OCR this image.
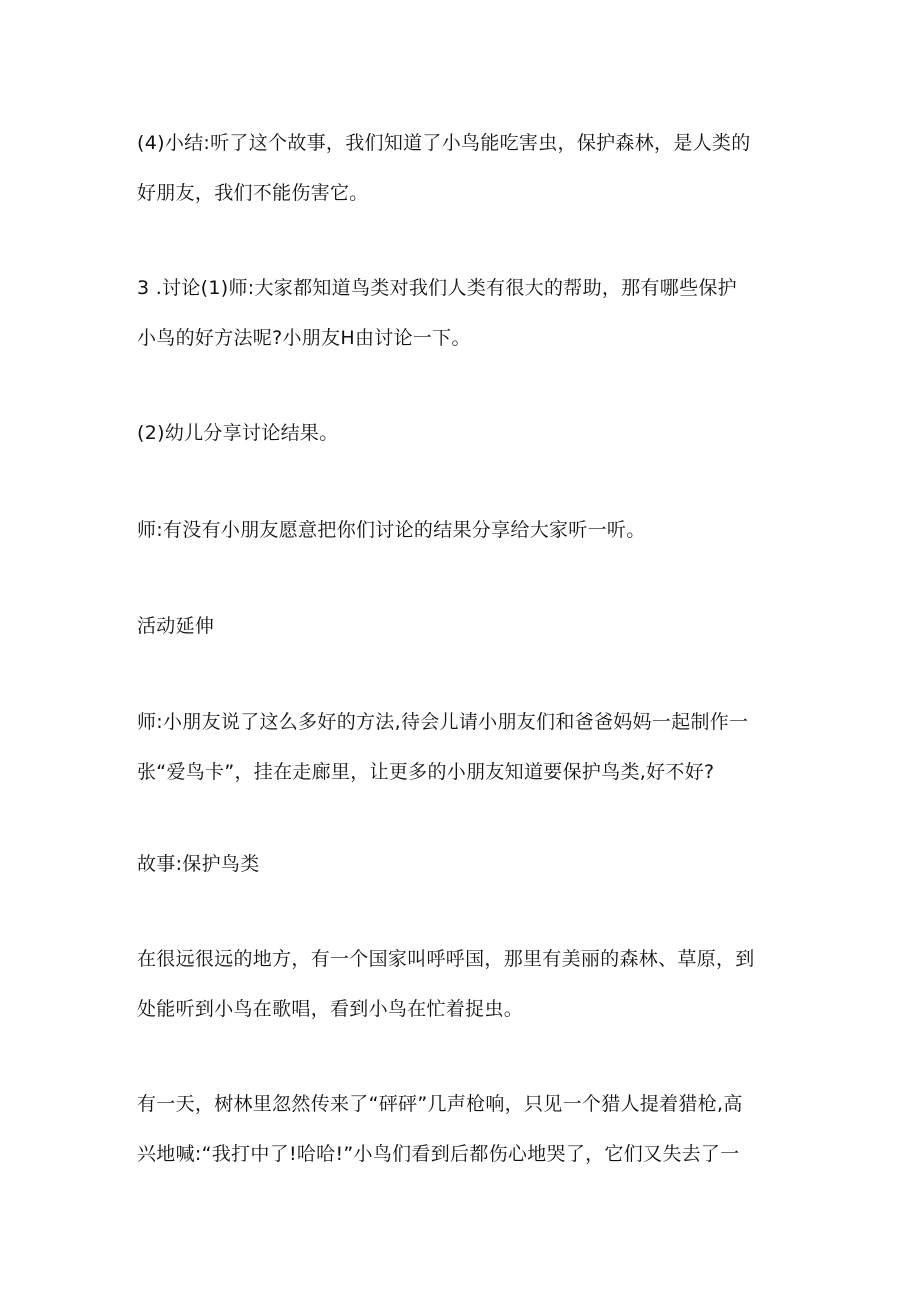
(4)小结:听了这个故事，我们知道了小鸟能吃害虫，保护森林，是人类的
好朋友，我们不能伤害它。

3 .讨论(1)师:大家都知道鸟类对我们人类有很大的帮助，那有哪些保护
小鸟的好方法呢?小朋友H由讨论一下。

(2)幼儿分享讨论结果。

师:有没有小朋友愿意把你们讨论的结果分享给大家听一听。

活动延伸

师:小朋友说了这么多好的方法,待会儿请小朋友们和爸爸妈妈一起制作一
张“爱鸟卡”，挂在走廊里，让更多的小朋友知道要保护鸟类,好不好?

故事:保护鸟类

在很远很远的地方，有一个国家叫呼呼国，那里有美丽的森林、草原，到
处能听到小鸟在歌唱，看到小鸟在忙着捉虫。

有一天，树林里忽然传来了“砰砰”几声枪响，只见一个猎人提着猎枪,高
兴地喊:“我打中了!哈哈!”小鸟们看到后都伤心地哭了，它们又失去了一
